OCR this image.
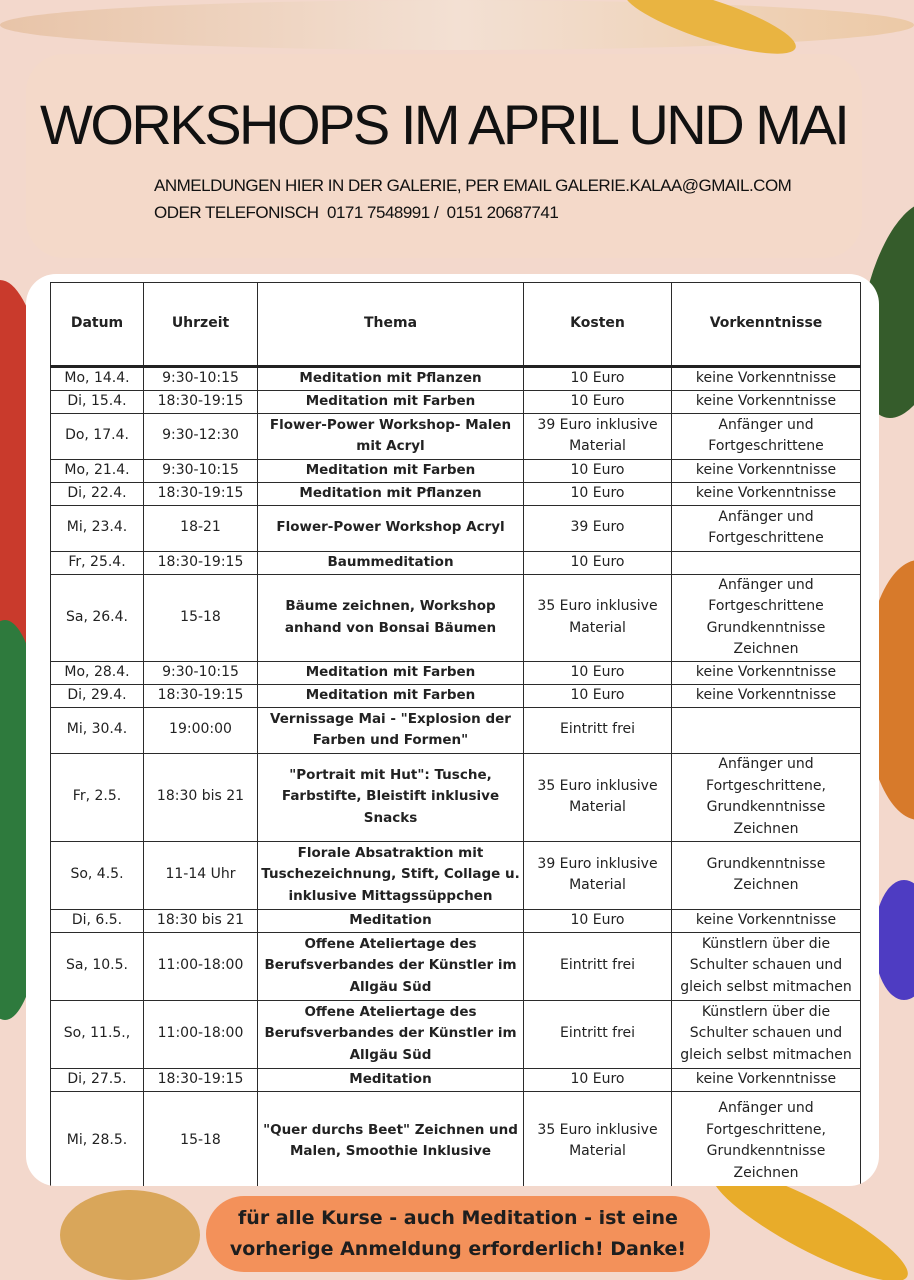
WORKSHOPS IM APRIL UND MAI

ANMELDUNGEN HIER IN DER GALERIE, PER EMAIL GALERIE.KALAA@GMAIL.COM
ODER TELEFONISCH  0171 7548991 /  0151 20687741

Datum	Uhrzeit	Thema	Kosten	Vorkenntnisse
Mo, 14.4.	9:30-10:15	Meditation mit Pflanzen	10 Euro	keine Vorkenntnisse
Di, 15.4.	18:30-19:15	Meditation mit Farben	10 Euro	keine Vorkenntnisse
Do, 17.4.	9:30-12:30	Flower-Power Workshop- Malen mit Acryl	39 Euro inklusive Material	Anfänger und Fortgeschrittene
Mo, 21.4.	9:30-10:15	Meditation mit Farben	10 Euro	keine Vorkenntnisse
Di, 22.4.	18:30-19:15	Meditation mit Pflanzen	10 Euro	keine Vorkenntnisse
Mi, 23.4.	18-21	Flower-Power Workshop Acryl	39 Euro	Anfänger und Fortgeschrittene
Fr, 25.4.	18:30-19:15	Baummeditation	10 Euro	
Sa, 26.4.	15-18	Bäume zeichnen, Workshop anhand von Bonsai Bäumen	35 Euro inklusive Material	Anfänger und Fortgeschrittene Grundkenntnisse Zeichnen
Mo, 28.4.	9:30-10:15	Meditation mit Farben	10 Euro	keine Vorkenntnisse
Di, 29.4.	18:30-19:15	Meditation mit Farben	10 Euro	keine Vorkenntnisse
Mi, 30.4.	19:00:00	Vernissage Mai - "Explosion der Farben und Formen"	Eintritt frei	
Fr, 2.5.	18:30 bis 21	"Portrait mit Hut": Tusche, Farbstifte, Bleistift inklusive Snacks	35 Euro inklusive Material	Anfänger und Fortgeschrittene, Grundkenntnisse Zeichnen
So, 4.5.	11-14 Uhr	Florale Absatraktion mit Tuschezeichnung, Stift, Collage u. inklusive Mittagssüppchen	39 Euro inklusive Material	Grundkenntnisse Zeichnen
Di, 6.5.	18:30 bis 21	Meditation	10 Euro	keine Vorkenntnisse
Sa, 10.5.	11:00-18:00	Offene Ateliertage des Berufsverbandes der Künstler im Allgäu Süd	Eintritt frei	Künstlern über die Schulter schauen und gleich selbst mitmachen
So, 11.5.,	11:00-18:00	Offene Ateliertage des Berufsverbandes der Künstler im Allgäu Süd	Eintritt frei	Künstlern über die Schulter schauen und gleich selbst mitmachen
Di, 27.5.	18:30-19:15	Meditation	10 Euro	keine Vorkenntnisse
Mi, 28.5.	15-18	"Quer durchs Beet" Zeichnen und Malen, Smoothie Inklusive	35 Euro inklusive Material	Anfänger und Fortgeschrittene, Grundkenntnisse Zeichnen

für alle Kurse - auch Meditation - ist eine
vorherige Anmeldung erforderlich! Danke!
